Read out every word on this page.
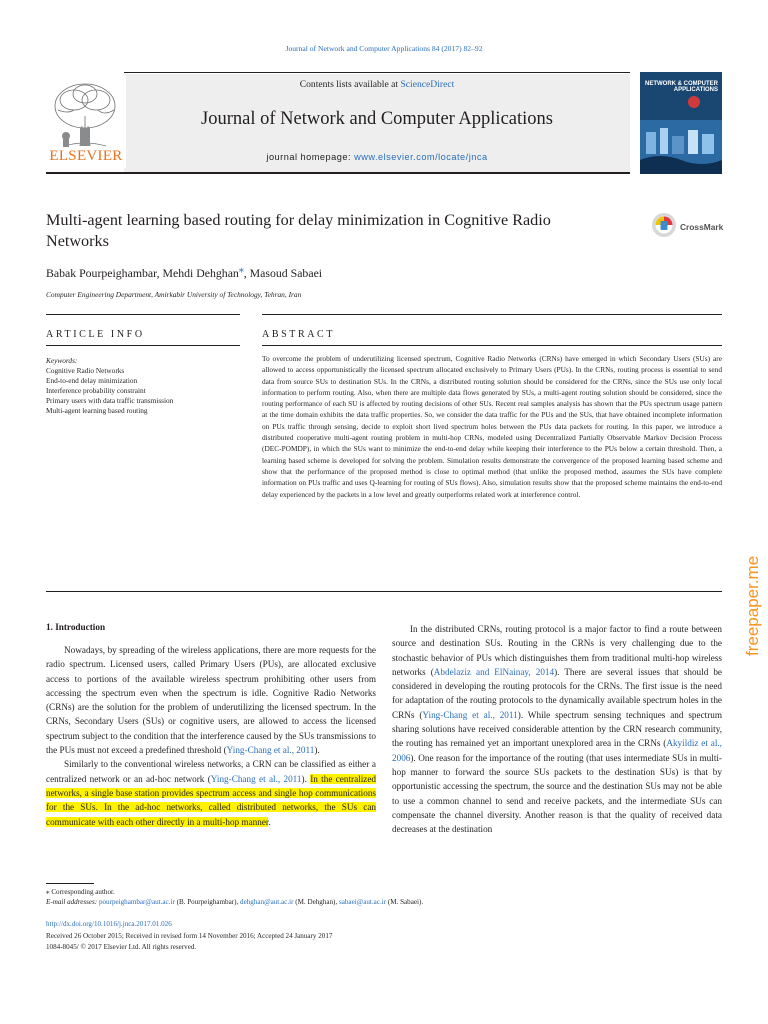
Journal of Network and Computer Applications 84 (2017) 82–92
ELSEVIER
Contents lists available at ScienceDirect
Journal of Network and Computer Applications
journal homepage: www.elsevier.com/locate/jnca
NETWORK & COMPUTER APPLICATIONS
Multi-agent learning based routing for delay minimization in Cognitive Radio Networks
CrossMark
Babak Pourpeighambar, Mehdi Dehghan⁎, Masoud Sabaei
Computer Engineering Department, Amirkabir University of Technology, Tehran, Iran
ARTICLE INFO	ABSTRACT
Keywords:
Cognitive Radio Networks
End-to-end delay minimization
Interference probability constraint
Primary users with data traffic transmission
Multi-agent learning based routing
To overcome the problem of underutilizing licensed spectrum, Cognitive Radio Networks (CRNs) have emerged in which Secondary Users (SUs) are allowed to access opportunistically the licensed spectrum allocated exclusively to Primary Users (PUs). In the CRNs, routing process is essential to send data from source SUs to destination SUs. In the CRNs, a distributed routing solution should be considered for the CRNs, since the SUs use only local information to perform routing. Also, when there are multiple data flows generated by SUs, a multi-agent routing solution should be considered, since the routing performance of each SU is affected by routing decisions of other SUs. Recent real samples analysis has shown that the PUs spectrum usage pattern at the time domain exhibits the data traffic properties. So, we consider the data traffic for the PUs and the SUs, that have obtained incomplete information on PUs traffic through sensing, decide to exploit short lived spectrum holes between the PUs data packets for routing. In this paper, we introduce a distributed cooperative multi-agent routing problem in multi-hop CRNs, modeled using Decentralized Partially Observable Markov Decision Process (DEC-POMDP), in which the SUs want to minimize the end-to-end delay while keeping their interference to the PUs below a certain threshold. Then, a learning based scheme is developed for solving the problem. Simulation results demonstrate the convergence of the proposed learning based scheme and show that the performance of the proposed method is close to optimal method (that unlike the proposed method, assumes the SUs have complete information on PUs traffic and uses Q-learning for routing of SUs flows). Also, simulation results show that the proposed scheme maintains the end-to-end delay experienced by the packets in a low level and greatly outperforms related work at interference control.
1. Introduction

Nowadays, by spreading of the wireless applications, there are more requests for the radio spectrum. Licensed users, called Primary Users (PUs), are allocated exclusive access to portions of the available wireless spectrum prohibiting other users from accessing the spectrum even when the spectrum is idle. Cognitive Radio Networks (CRNs) are the solution for the problem of underutilizing the licensed spectrum. In the CRNs, Secondary Users (SUs) or cognitive users, are allowed to access the licensed spectrum subject to the condition that the interference caused by the SUs transmissions to the PUs must not exceed a predefined threshold (Ying-Chang et al., 2011).

Similarly to the conventional wireless networks, a CRN can be classified as either a centralized network or an ad-hoc network (Ying-Chang et al., 2011). In the centralized networks, a single base station provides spectrum access and single hop communications for the SUs. In the ad-hoc networks, called distributed networks, the SUs can communicate with each other directly in a multi-hop manner.

In the distributed CRNs, routing protocol is a major factor to find a route between source and destination SUs. Routing in the CRNs is very challenging due to the stochastic behavior of PUs which distinguishes them from traditional multi-hop wireless networks (Abdelaziz and ElNainay, 2014). There are several issues that should be considered in developing the routing protocols for the CRNs. The first issue is the need for adaptation of the routing protocols to the dynamically available spectrum holes in the CRNs (Ying-Chang et al., 2011). While spectrum sensing techniques and spectrum sharing solutions have received considerable attention by the CRN research community, the routing has remained yet an important unexplored area in the CRNs (Akyildiz et al., 2006). One reason for the importance of the routing (that uses intermediate SUs in multi-hop manner to forward the source SUs packets to the destination SUs) is that by opportunistic accessing the spectrum, the source and the destination SUs may not be able to use a common channel to send and receive packets, and the intermediate SUs can compensate the channel diversity. Another reason is that the quality of received data decreases at the destination

⁎ Corresponding author.
E-mail addresses: pourpeighambar@aut.ac.ir (B. Pourpeighambar), dehghan@aut.ac.ir (M. Dehghan), sabaei@aut.ac.ir (M. Sabaei).
http://dx.doi.org/10.1016/j.jnca.2017.01.026
Received 26 October 2015; Received in revised form 14 November 2016; Accepted 24 January 2017
1084-8045/ © 2017 Elsevier Ltd. All rights reserved.
freepaper.me
